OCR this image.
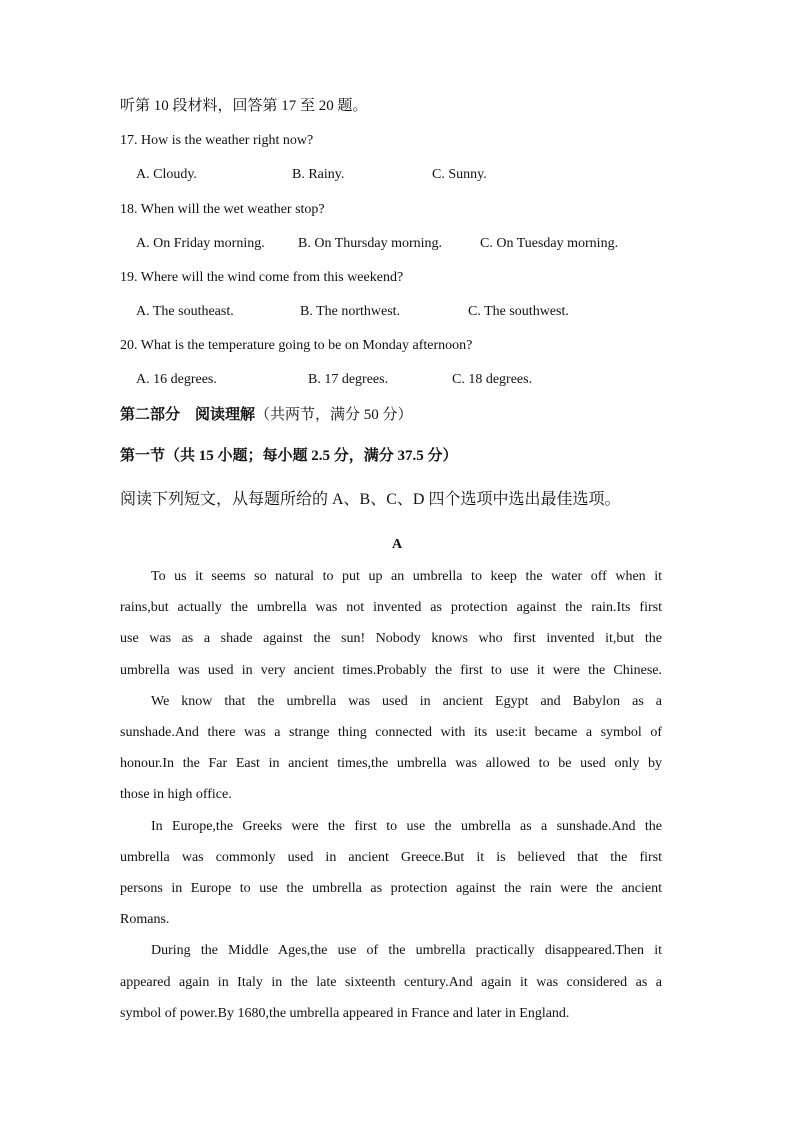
听第 10 段材料，回答第 17 至 20 题。
17. How is the weather right now?
A. Cloudy.	B. Rainy.	C. Sunny.
18. When will the wet weather stop?
A. On Friday morning. B. On Thursday morning.	C. On Tuesday morning.
19. Where will the wind come from this weekend?
A. The southeast.	B. The northwest.	C. The southwest.
20. What is the temperature going to be on Monday afternoon?
A. 16 degrees.	B. 17 degrees.	C. 18 degrees.
第二部分　阅读理解（共两节，满分 50 分）
第一节（共 15 小题；每小题 2.5 分，满分 37.5 分）
阅读下列短文，从每题所给的 A、B、C、D 四个选项中选出最佳选项。
A
To us it seems so natural to put up an umbrella to keep the water off when it
rains,but actually the umbrella was not invented as protection against the rain.Its first
use was as a shade against the sun! Nobody knows who first invented it,but the
umbrella was used in very ancient times.Probably the first to use it were the Chinese.
We know that the umbrella was used in ancient Egypt and Babylon as a
sunshade.And there was a strange thing connected with its use:it became a symbol of
honour.In the Far East in ancient times,the umbrella was allowed to be used only by
those in high office.
In Europe,the Greeks were the first to use the umbrella as a sunshade.And the
umbrella was commonly used in ancient Greece.But it is believed that the first
persons in Europe to use the umbrella as protection against the rain were the ancient
Romans.
During the Middle Ages,the use of the umbrella practically disappeared.Then it
appeared again in Italy in the late sixteenth century.And again it was considered as a
symbol of power.By 1680,the umbrella appeared in France and later in England.
